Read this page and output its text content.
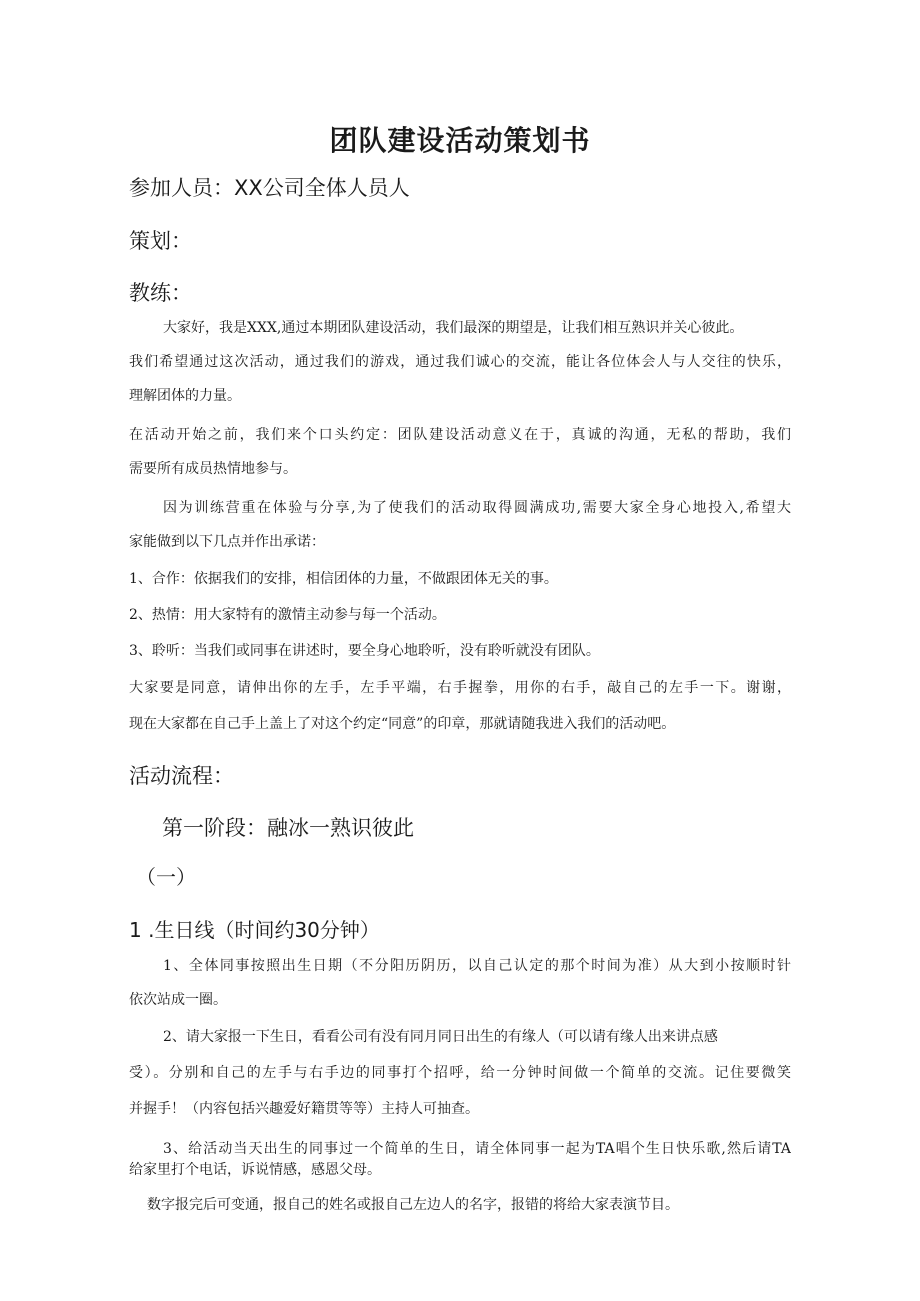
团队建设活动策划书
参加人员：XX公司全体人员人
策划：
教练：
大家好，我是XXX,通过本期团队建设活动，我们最深的期望是，让我们相互熟识并关心彼此。
我们希望通过这次活动，通过我们的游戏，通过我们诚心的交流，能让各位体会人与人交往的快乐，
理解团体的力量。
在活动开始之前，我们来个口头约定：团队建设活动意义在于，真诚的沟通，无私的帮助，我们
需要所有成员热情地参与。
因为训练营重在体验与分享,为了使我们的活动取得圆满成功,需要大家全身心地投入,希望大
家能做到以下几点并作出承诺：
1、合作：依据我们的安排，相信团体的力量，不做跟团体无关的事。
2、热情：用大家特有的激情主动参与每一个活动。
3、聆听：当我们或同事在讲述时，要全身心地聆听，没有聆听就没有团队。
大家要是同意，请伸出你的左手，左手平端，右手握拳，用你的右手，敲自己的左手一下。谢谢，
现在大家都在自己手上盖上了对这个约定“同意”的印章，那就请随我进入我们的活动吧。
活动流程：
第一阶段：融冰一熟识彼此
（一）
1 .生日线（时间约30分钟）
1、全体同事按照出生日期（不分阳历阴历，以自己认定的那个时间为准）从大到小按顺时针
依次站成一圈。
2、请大家报一下生日，看看公司有没有同月同日出生的有缘人（可以请有缘人出来讲点感
受）。分别和自己的左手与右手边的同事打个招呼，给一分钟时间做一个简单的交流。记住要微笑
并握手！（内容包括兴趣爱好籍贯等等）主持人可抽查。
3、给活动当天出生的同事过一个简单的生日，请全体同事一起为TA唱个生日快乐歌,然后请TA
给家里打个电话，诉说情感，感恩父母。
数字报完后可变通，报自己的姓名或报自己左边人的名字，报错的将给大家表演节目。
